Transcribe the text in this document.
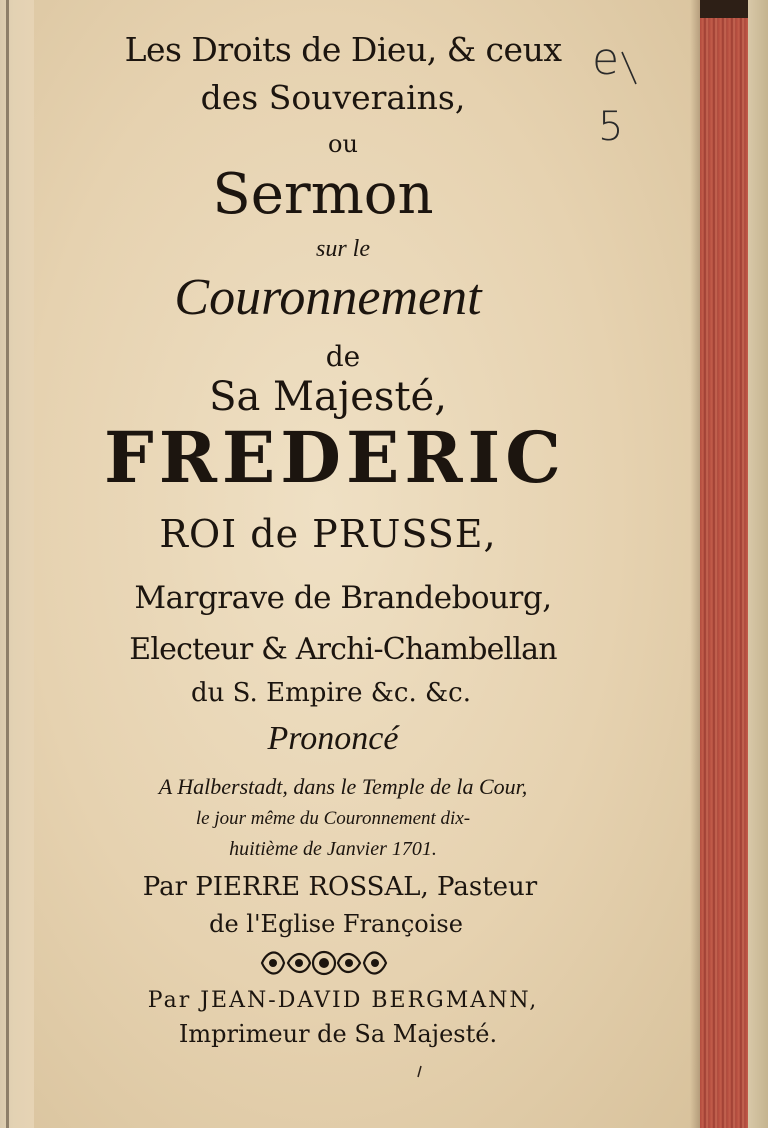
Les Droits de Dieu, & ceux
des Souverains,
ou
Sermon
sur le
Couronnement
de
Sa Majesté,
FREDERIC
ROI de PRUSSE,
Margrave de Brandebourg,
Electeur & Archi-Chambellan
du S. Empire &c. &c.
Prononcé
A Halberstadt, dans le Temple de la Cour,
le jour même du Couronnement dix-
huitième de Janvier 1701.
Par PIERRE ROSSAL, Pasteur
de l'Eglise Françoise
Par JEAN-DAVID BERGMANN,
Imprimeur de Sa Majesté.
e
5
